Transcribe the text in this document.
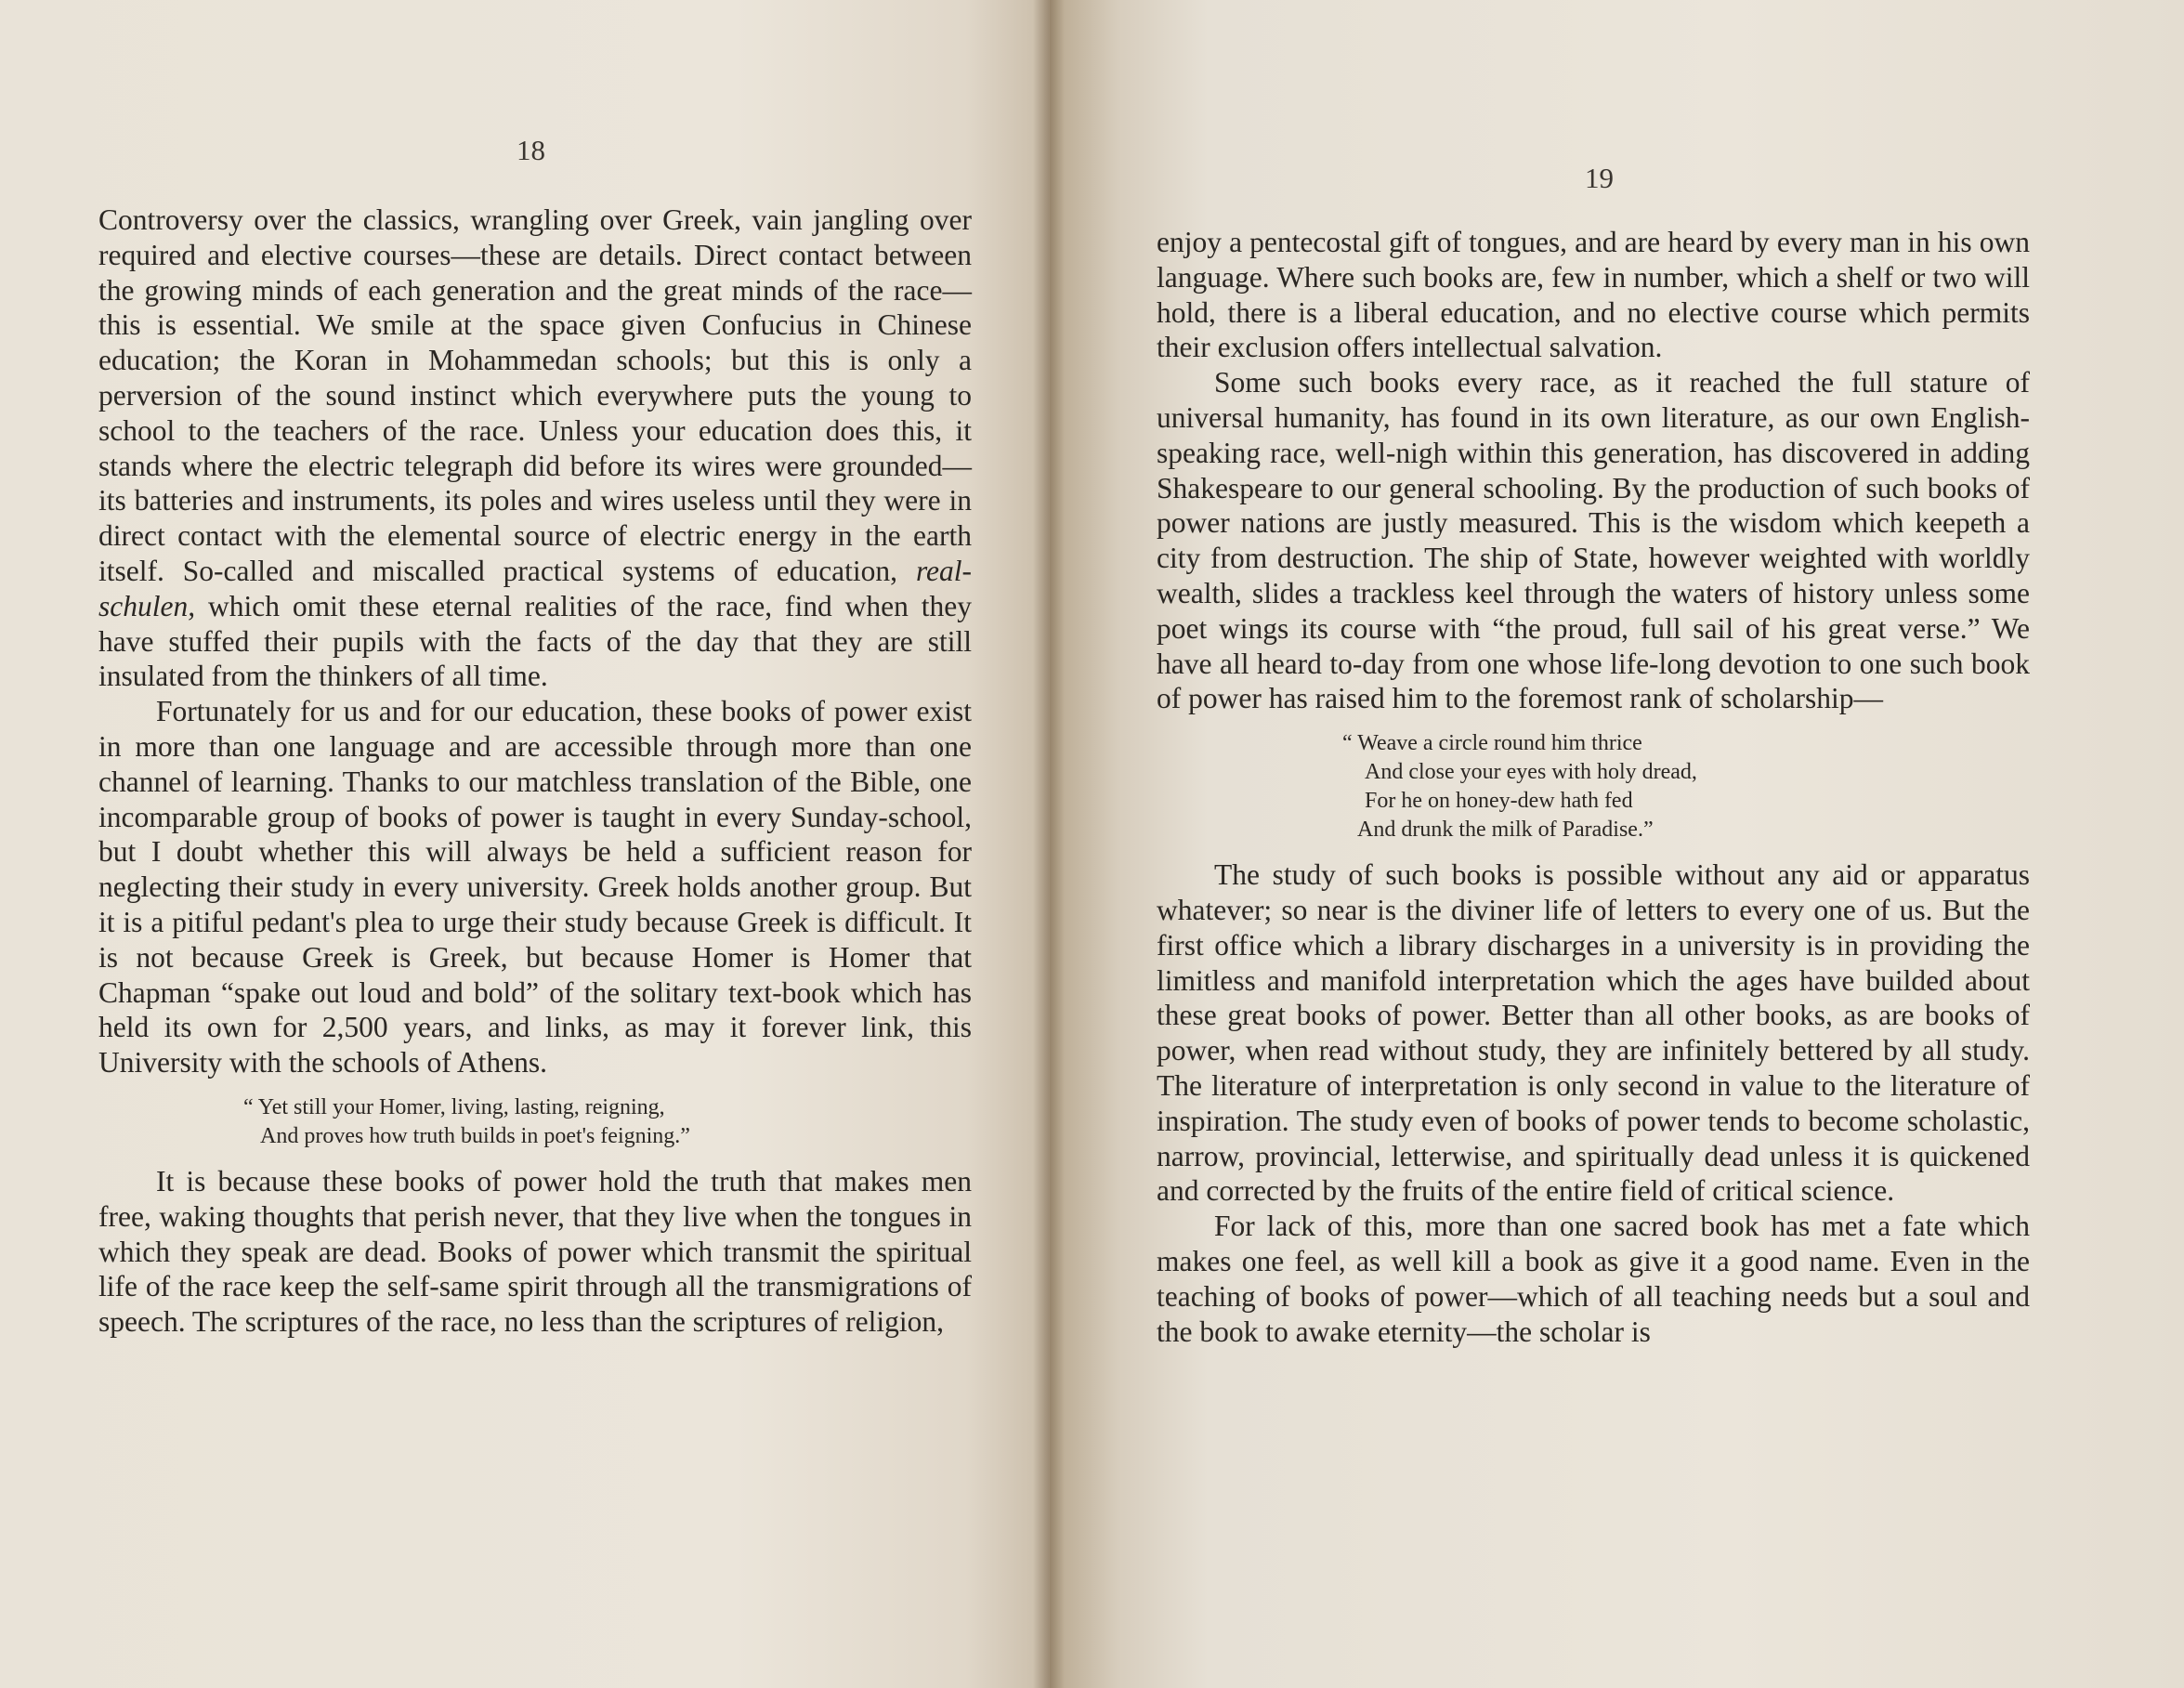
18

Controversy over the classics, wrangling over Greek, vain jangling over required and elective courses—these are details. Direct contact between the growing minds of each generation and the great minds of the race—this is essential. We smile at the space given Confucius in Chinese education; the Koran in Mohammedan schools; but this is only a perversion of the sound instinct which everywhere puts the young to school to the teachers of the race. Unless your education does this, it stands where the electric telegraph did before its wires were grounded—its batteries and instruments, its poles and wires useless until they were in direct contact with the elemental source of electric energy in the earth itself. So-called and miscalled practical systems of education, real-schulen, which omit these eternal realities of the race, find when they have stuffed their pupils with the facts of the day that they are still insulated from the thinkers of all time.

Fortunately for us and for our education, these books of power exist in more than one language and are accessible through more than one channel of learning. Thanks to our matchless translation of the Bible, one incomparable group of books of power is taught in every Sunday-school, but I doubt whether this will always be held a sufficient reason for neglecting their study in every university. Greek holds another group. But it is a pitiful pedant's plea to urge their study because Greek is difficult. It is not because Greek is Greek, but because Homer is Homer that Chapman “spake out loud and bold” of the solitary text-book which has held its own for 2,500 years, and links, as may it forever link, this University with the schools of Athens.

“ Yet still your Homer, living, lasting, reigning,
And proves how truth builds in poet's feigning.”

It is because these books of power hold the truth that makes men free, waking thoughts that perish never, that they live when the tongues in which they speak are dead. Books of power which transmit the spiritual life of the race keep the self-same spirit through all the transmigrations of speech. The scriptures of the race, no less than the scriptures of religion,

19

enjoy a pentecostal gift of tongues, and are heard by every man in his own language. Where such books are, few in number, which a shelf or two will hold, there is a liberal education, and no elective course which permits their exclusion offers intellectual salvation.

Some such books every race, as it reached the full stature of universal humanity, has found in its own literature, as our own English-speaking race, well-nigh within this generation, has discovered in adding Shakespeare to our general schooling. By the production of such books of power nations are justly measured. This is the wisdom which keepeth a city from destruction. The ship of State, however weighted with worldly wealth, slides a trackless keel through the waters of history unless some poet wings its course with “the proud, full sail of his great verse.” We have all heard to-day from one whose life-long devotion to one such book of power has raised him to the foremost rank of scholarship—

“ Weave a circle round him thrice
And close your eyes with holy dread,
For he on honey-dew hath fed
And drunk the milk of Paradise.”

The study of such books is possible without any aid or apparatus whatever; so near is the diviner life of letters to every one of us. But the first office which a library discharges in a university is in providing the limitless and manifold interpretation which the ages have builded about these great books of power. Better than all other books, as are books of power, when read without study, they are infinitely bettered by all study. The literature of interpretation is only second in value to the literature of inspiration. The study even of books of power tends to become scholastic, narrow, provincial, letterwise, and spiritually dead unless it is quickened and corrected by the fruits of the entire field of critical science.

For lack of this, more than one sacred book has met a fate which makes one feel, as well kill a book as give it a good name. Even in the teaching of books of power—which of all teaching needs but a soul and the book to awake eternity—the scholar is
